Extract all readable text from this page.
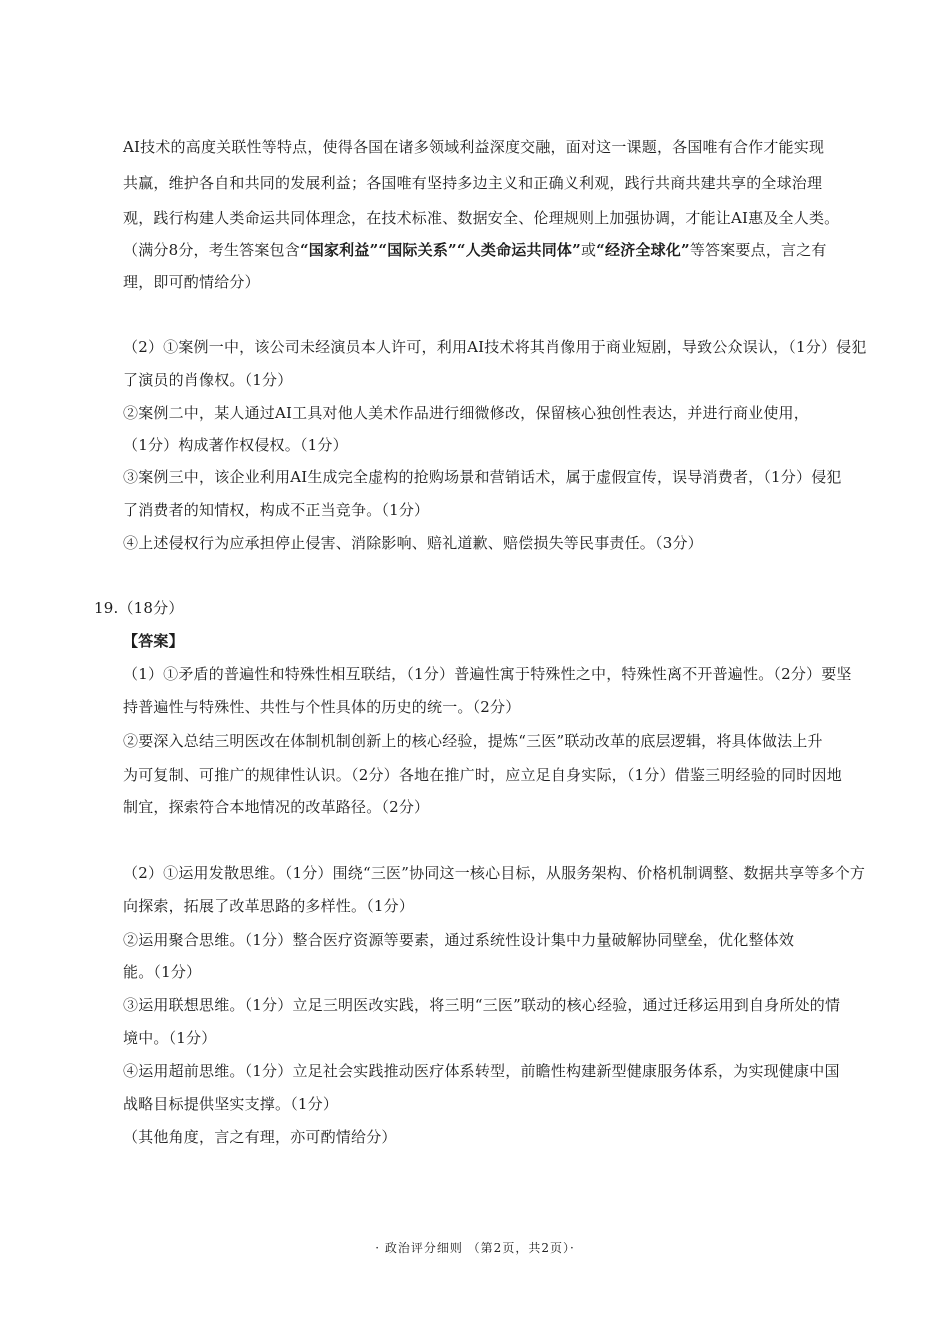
AI技术的高度关联性等特点，使得各国在诸多领域利益深度交融，面对这一课题，各国唯有合作才能实现
共赢，维护各自和共同的发展利益；各国唯有坚持多边主义和正确义利观，践行共商共建共享的全球治理
观，践行构建人类命运共同体理念，在技术标准、数据安全、伦理规则上加强协调，才能让AI惠及全人类。
（满分8分，考生答案包含“国家利益”“国际关系”“人类命运共同体”或“经济全球化”等答案要点，言之有
理，即可酌情给分）
（2）①案例一中，该公司未经演员本人许可，利用AI技术将其肖像用于商业短剧，导致公众误认，（1分）侵犯
了演员的肖像权。（1分）
②案例二中，某人通过AI工具对他人美术作品进行细微修改，保留核心独创性表达，并进行商业使用，
（1分）构成著作权侵权。（1分）
③案例三中，该企业利用AI生成完全虚构的抢购场景和营销话术，属于虚假宣传，误导消费者，（1分）侵犯
了消费者的知情权，构成不正当竞争。（1分）
④上述侵权行为应承担停止侵害、消除影响、赔礼道歉、赔偿损失等民事责任。（3分）
19.（18分）
【答案】
（1）①矛盾的普遍性和特殊性相互联结，（1分）普遍性寓于特殊性之中，特殊性离不开普遍性。（2分）要坚
持普遍性与特殊性、共性与个性具体的历史的统一。（2分）
②要深入总结三明医改在体制机制创新上的核心经验，提炼“三医”联动改革的底层逻辑，将具体做法上升
为可复制、可推广的规律性认识。（2分）各地在推广时，应立足自身实际，（1分）借鉴三明经验的同时因地
制宜，探索符合本地情况的改革路径。（2分）
（2）①运用发散思维。（1分）围绕“三医”协同这一核心目标，从服务架构、价格机制调整、数据共享等多个方
向探索，拓展了改革思路的多样性。（1分）
②运用聚合思维。（1分）整合医疗资源等要素，通过系统性设计集中力量破解协同壁垒，优化整体效
能。（1分）
③运用联想思维。（1分）立足三明医改实践，将三明“三医”联动的核心经验，通过迁移运用到自身所处的情
境中。（1分）
④运用超前思维。（1分）立足社会实践推动医疗体系转型，前瞻性构建新型健康服务体系，为实现健康中国
战略目标提供坚实支撑。（1分）
（其他角度，言之有理，亦可酌情给分）
· 政治评分细则 （第2页，共2页）·
